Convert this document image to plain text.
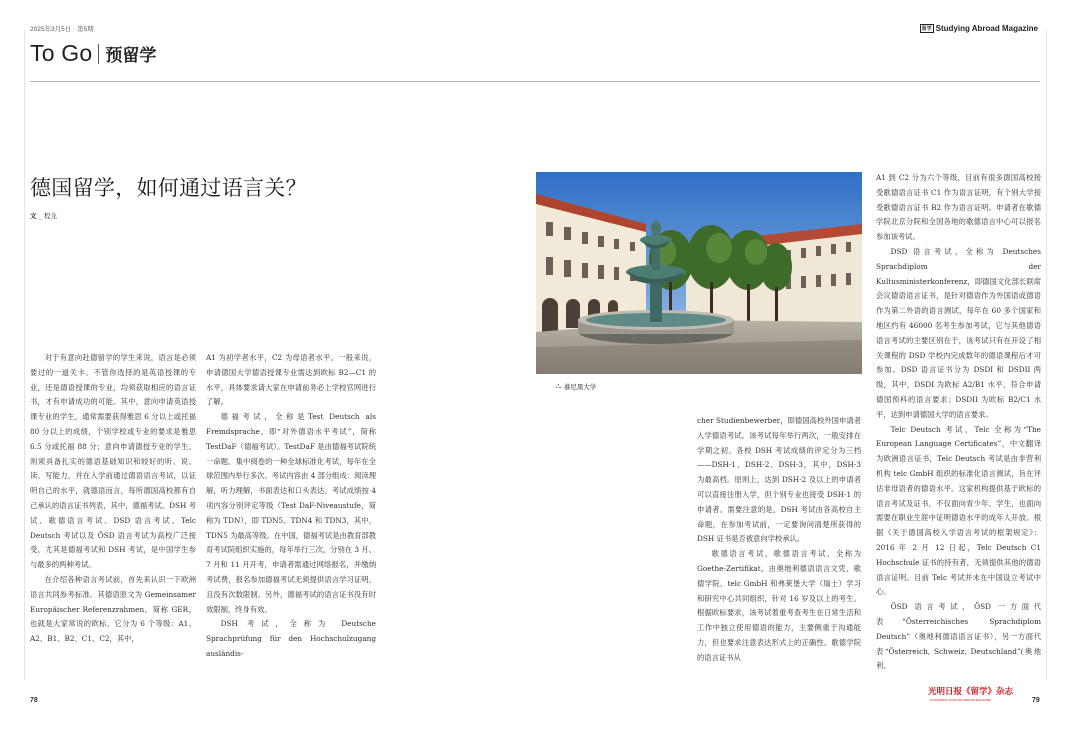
2025年3月5日 · 第5期	留学 Studying Abroad Magazine
To Go 预留学
德国留学，如何通过语言关？
文 _ 程龙

对于有意向赴德留学的学生来说，语言是必须要过的一道关卡。不管你选择的是英语授课的专业，还是德语授课的专业，均须获取相应的语言证书，才有申请成功的可能。其中，意向申请英语授课专业的学生，通常需要获得雅思 6 分以上或托福 80 分以上的成绩，个别学校或专业的要求是雅思 6.5 分或托福 88 分；意向申请德授专业的学生，则须具备扎实的德语基础知识和较好的听、说、读、写能力，并在入学前通过德语语言考试，以证明自己的水平，就德语而言，每所德国高校都有自己承认的语言证书列表，其中，德福考试、DSH 考试、歌德语言考试、DSD 语言考试、Telc Deutsch 考试以及 ÖSD 语言考试为高校广泛接受，尤其是德福考试和 DSH 考试，是中国学生参与最多的两种考试。

在介绍各种语言考试前，首先来认识一下欧洲语言共同参考标准。其德语原文为 Gemeinsamer Europäischer Referenzrahmen，简称 GER，也就是大家常说的欧标。它分为 6 个等级：A1、A2、B1、B2、C1、C2，其中，

A1 为初学者水平，C2 为母语者水平。一般来说，申请德国大学德语授课专业需达到欧标 B2—C1 的水平，具体要求请大家在申请前务必上学校官网进行了解。

德福考试，全称是Test Deutsch als Fremdsprache，即“对外德语水平考试”，简称 TestDaF（德福考试）。TestDaF 是由德福考试院统一命题、集中阅卷的一种全球标准化考试，每年在全球范围内举行多次。考试内容由 4 部分组成：阅读理解，听力理解，书面表达和口头表达。考试成绩按 4 项内容分别评定等级（Test DaF-Niveaustufe，简称为 TDN），即 TDN5、TDN4 和 TDN3，其中，TDN5 为最高等级。在中国，德福考试是由教育部教育考试院组织实施的，每年举行三次，分别在 3 月、7 月和 11 月开考，申请者需通过网络报名，并缴纳考试费，报名参加德福考试无须提供语言学习证明，且没有次数限制。另外，德福考试的语言证书没有时效限制，终身有效。

DSH 考试，全称为 Deutsche Sprachprüfung für den Hochschulzugang ausländis-

cher Studienbewerber，即德国高校外国申请者入学德语考试。该考试每年举行两次，一般安排在学期之初。各校 DSH 考试成绩的评定分为三档——DSH-1、DSH-2、DSH-3，其中，DSH-3 为最高档。原则上，达到 DSH-2 及以上的申请者可以直接注册入学，但个别专业也接受 DSH-1 的申请者。需要注意的是，DSH 考试由各高校自主命题，在参加考试前，一定要询问清楚所获得的 DSH 证书是否被意向学校承认。

歌德语言考试，歌德语言考试，全称为 Goethe-Zertifikat，由奥地利德语语言文凭、歌德学院、telc GmbH 和弗莱堡大学（瑞士）学习和研究中心共同组织，针对 16 岁及以上的考生。根据欧标要求，该考试着重考查考生在日常生活和工作中独立使用德语的能力，主要侧重于沟通能力，但也要求注意表达形式上的正确性。歌德学院的语言证书从

A1 到 C2 分为六个等级，目前有很多德国高校接受歌德语言证书 C1 作为语言证明，有个别大学接受歌德语言证书 B2 作为语言证明。申请者在歌德学院北京分院和全国各地的歌德语言中心可以报名参加该考试。

DSD 语言考试，全称为 Deutsches Sprachdiplom der Kultusministerkonferenz，即德国文化部长联席会议德语语言证书，是针对德语作为外国语或德语作为第二外语的语言测试，每年在 60 多个国家和地区约有 46000 名考生参加考试，它与其他德语语言考试的主要区别在于，该考试只有在开设了相关课程的 DSD 学校内完成数年的德语课程后才可参加。DSD 语言证书分为 DSDI 和 DSDII 两级，其中，DSDI 为欧标 A2/B1 水平，符合申请德国预科的语言要求；DSDII 为欧标 B2/C1 水平，达到申请德国大学的语言要求。

Telc Deutsch 考试，Telc 全称为“The European Language Certificates”，中文翻译为欧洲语言证书，Telc Deutsch 考试是由非营利机构 telc GmbH 组织的标准化语言测试，旨在评估非母语者的德语水平。这家机构提供基于欧标的语言考试及证书，不仅面向青少年、学生，也面向需要在职业生涯中证明德语水平的成年人开放。根据《关于德国高校入学语言考试的框架规定》：2016 年 2 月 12 日起，Telc Deutsch C1 Hochschule 证书的持有者，无须提供其他的德语语言证明。目前 Telc 考试并未在中国设立考试中心。

ÖSD 语言考试，ÖSD 一方面代表“Österreichisches Sprachdiplom Deutsch”（奥地利德语语言证书），另一方面代表“Österreich, Schweiz, Deutschland”(奥地利、

⛬ 慕尼黑大学
78	79
光明日报《留学》杂志
GUANGMING STUDYING ABROAD MAGAZINE
